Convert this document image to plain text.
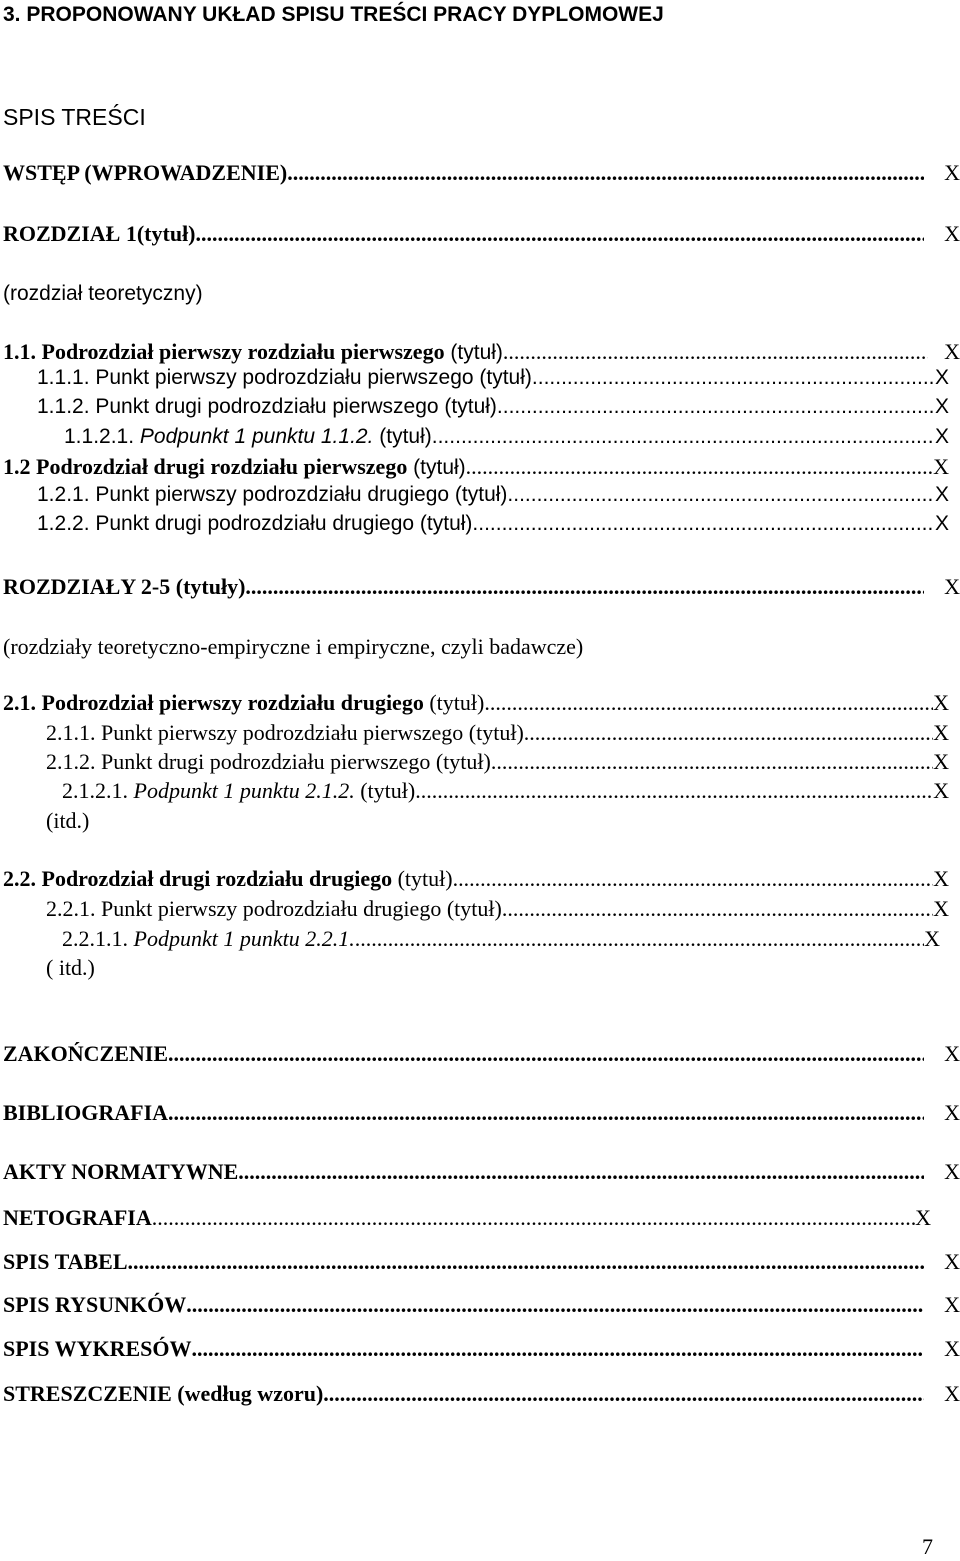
3. PROPONOWANY UKŁAD SPISU TREŚCI PRACY DYPLOMOWEJ
SPIS TREŚCI
WSTĘP (WPROWADZENIE) .....	X
ROZDZIAŁ 1(tytuł) .....	X
(rozdział teoretyczny)
1.1. Podrozdział pierwszy rozdziału pierwszego (tytuł) .....	X
1.1.1. Punkt pierwszy podrozdziału pierwszego (tytuł) .....	X
1.1.2. Punkt drugi podrozdziału pierwszego (tytuł) .....	X
1.1.2.1. Podpunkt 1 punktu 1.1.2. (tytuł) .....	X
1.2 Podrozdział drugi rozdziału pierwszego (tytuł) .....	X
1.2.1. Punkt pierwszy podrozdziału drugiego (tytuł) .....	X
1.2.2. Punkt drugi podrozdziału drugiego (tytuł) .....	X
ROZDZIAŁY 2-5 (tytuły) .....	X
(rozdziały teoretyczno-empiryczne i empiryczne, czyli badawcze)
2.1. Podrozdział pierwszy rozdziału drugiego (tytuł) .....	X
2.1.1. Punkt pierwszy podrozdziału pierwszego (tytuł) .....	X
2.1.2. Punkt drugi podrozdziału pierwszego (tytuł) .....	X
2.1.2.1. Podpunkt 1 punktu 2.1.2. (tytuł) .....	X
(itd.)
2.2. Podrozdział drugi rozdziału drugiego (tytuł) .....	X
2.2.1. Punkt pierwszy podrozdziału drugiego (tytuł) .....	X
2.2.1.1. Podpunkt 1 punktu 2.2.1. .....	X
( itd.)
ZAKOŃCZENIE .....	X
BIBLIOGRAFIA .....	X
AKTY NORMATYWNE .....	X
NETOGRAFIA .....	X
SPIS TABEL .....	X
SPIS RYSUNKÓW .....	X
SPIS WYKRESÓW .....	X
STRESZCZENIE (według wzoru) .....	X
7
